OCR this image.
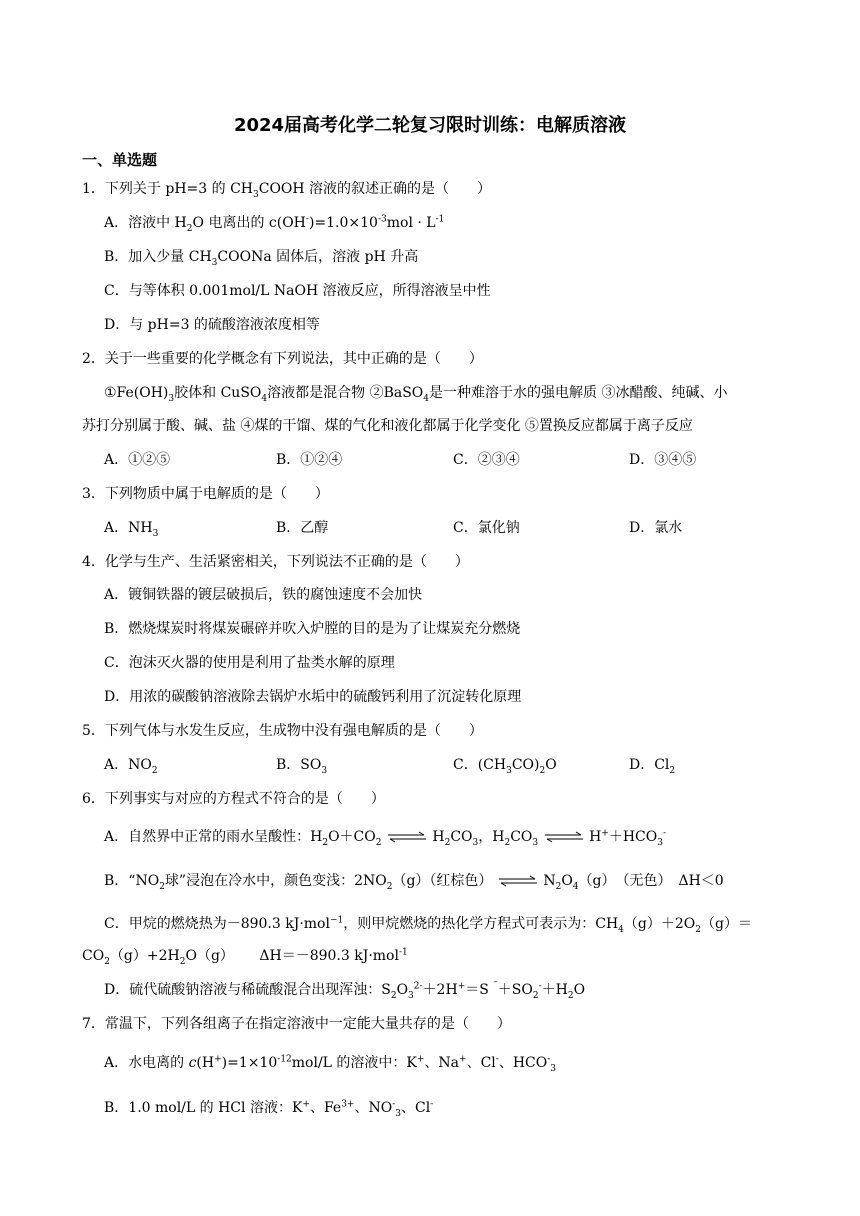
2024届高考化学二轮复习限时训练：电解质溶液
一、单选题
1．下列关于 pH=3 的 $CH_3COOH$ 溶液的叙述正确的是（　　）
A．溶液中 $H_2O$ 电离出的 $c(OH^-)=1.0\times 10^{-3}mol \cdot L^{-1}$
B．加入少量 $CH_3COONa$ 固体后，溶液 pH 升高
C．与等体积 0.001mol/L NaOH 溶液反应，所得溶液呈中性
D．与 pH=3 的硫酸溶液浓度相等
2．关于一些重要的化学概念有下列说法，其中正确的是（　　）
$①Fe(OH)_3$胶体和 CuSO$_4$溶液都是混合物 ②BaSO$_4$是一种难溶于水的强电解质 ③冰醋酸、纯碱、小
苏打分别属于酸、碱、盐 ④煤的干馏、煤的气化和液化都属于化学变化 ⑤置换反应都属于离子反应
A．①②⑤	B．①②④	C．②③④	D．③④⑤
3．下列物质中属于电解质的是（　　）
A．$NH_3$	B．乙醇	C．氯化钠	D．氯水
4．化学与生产、生活紧密相关，下列说法不正确的是（　　）
A．镀铜铁器的镀层破损后，铁的腐蚀速度不会加快
B．燃烧煤炭时将煤炭碾碎并吹入炉膛的目的是为了让煤炭充分燃烧
C．泡沫灭火器的使用是利用了盐类水解的原理
D．用浓的碳酸钠溶液除去锅炉水垢中的硫酸钙利用了沉淀转化原理
5．下列气体与水发生反应，生成物中没有强电解质的是（　　）
A．$NO_2$	B．$SO_3$	C．$(CH_3CO)_2O$	D．$Cl_2$
6．下列事实与对应的方程式不符合的是（　　）
A．自然界中正常的雨水呈酸性：$H_2O+CO_2$ ⇌ $H_2CO_3$，$H_2CO_3$ ⇌ $H^++HCO_3^-$
B．“$NO_2$球”浸泡在冷水中，颜色变浅：$2NO_2(g)$（红棕色） ⇌ $N_2O_4(g)$　（无色）　ΔH＜0
C．甲烷的燃烧热为－890.3 kJ·mol$^{-1}$，则甲烷燃烧的热化学方程式可表示为：$CH_4(g)+2O_2(g)=$
$CO_2(g)+2H_2O(g)$　　 ΔH＝－890.3 kJ·mol$^{-1}$
D．硫代硫酸钠溶液与稀硫酸混合出现浑浊：$S_2O_3^{2-}+2H^+=S$ $^¯+SO_2^-+H_2O$
7．常温下，下列各组离子在指定溶液中一定能大量共存的是（　　）
A．水电离的 $c(H^+)=1\times 10^{-12}mol/L$ 的溶液中：K+、Na+、Cl-、$HCO^-_3$
B．1.0 mol/L 的 HCl 溶液：K+、$Fe^{3+}$、$NO^-_3$、Cl-
